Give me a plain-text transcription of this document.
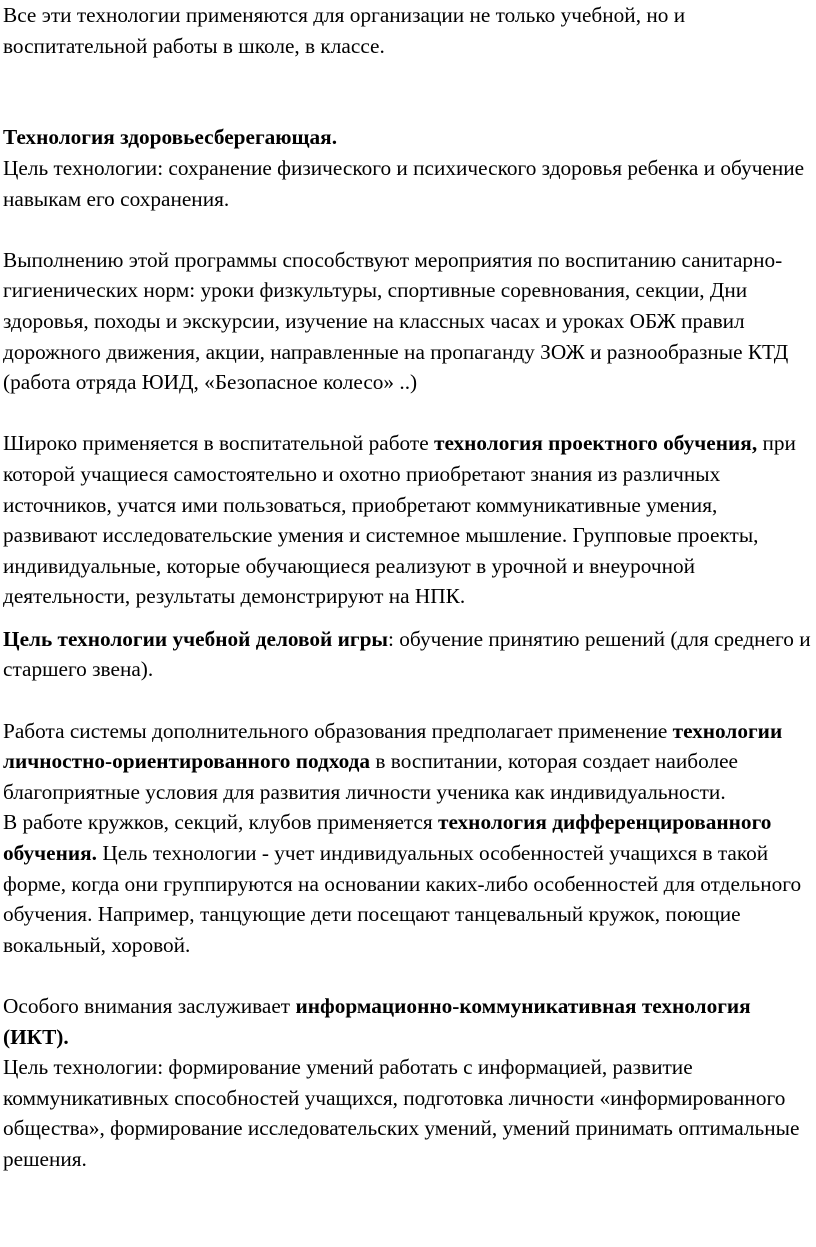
Все эти технологии применяются для организации не только учебной, но и воспитательной работы в школе, в классе.

Технология здоровьесберегающая.

Цель технологии: сохранение физического и психического здоровья ребенка и обучение навыкам его сохранения.

Выполнению этой программы способствуют мероприятия по воспитанию санитарно-гигиенических норм: уроки физкультуры, спортивные соревнования, секции, Дни здоровья, походы и экскурсии, изучение на классных часах и уроках ОБЖ правил дорожного движения, акции, направленные на пропаганду ЗОЖ и разнообразные КТД (работа отряда ЮИД, «Безопасное колесо» ..)

Широко применяется в воспитательной работе технология проектного обучения, при которой учащиеся самостоятельно и охотно приобретают знания из различных источников, учатся ими пользоваться, приобретают коммуникативные умения, развивают исследовательские умения и системное мышление. Групповые проекты, индивидуальные, которые обучающиеся реализуют в урочной и внеурочной деятельности, результаты демонстрируют на НПК.

Цель технологии учебной деловой игры: обучение принятию решений (для среднего и старшего звена).

Работа системы дополнительного образования предполагает применение технологии личностно-ориентированного подхода в воспитании, которая создает наиболее благоприятные условия для развития личности ученика как индивидуальности.

В работе кружков, секций, клубов применяется технология дифференцированного обучения. Цель технологии - учет индивидуальных особенностей учащихся в такой форме, когда они группируются на основании каких-либо особенностей для отдельного обучения. Например, танцующие дети посещают танцевальный кружок, поющие вокальный, хоровой.

Особого внимания заслуживает информационно-коммуникативная технология (ИКТ).

Цель технологии: формирование умений работать с информацией, развитие коммуникативных способностей учащихся, подготовка личности «информированного общества», формирование исследовательских умений, умений принимать оптимальные решения.
